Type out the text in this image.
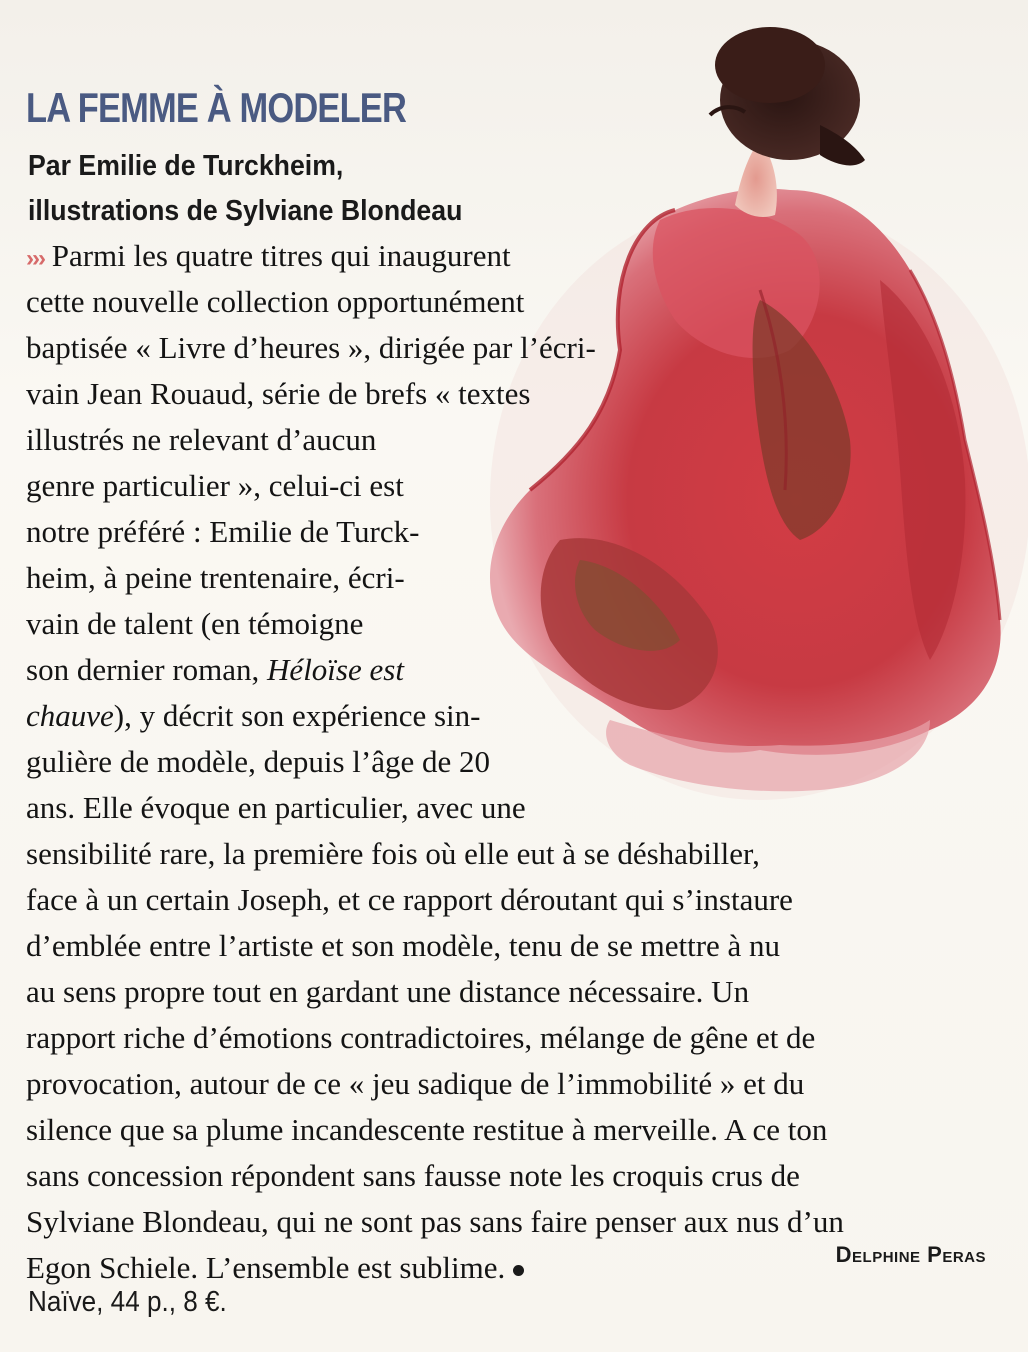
LA FEMME À MODELER
Par Emilie de Turckheim,
illustrations de Sylviane Blondeau
››› Parmi les quatre titres qui inaugurent
cette nouvelle collection opportunément
baptisée « Livre d’heures », dirigée par l’écri-
vain Jean Rouaud, série de brefs « textes
illustrés ne relevant d’aucun
genre particulier », celui-ci est
notre préféré : Emilie de Turck-
heim, à peine trentenaire, écri-
vain de talent (en témoigne
son dernier roman, Héloïse est
chauve), y décrit son expérience sin-
gulière de modèle, depuis l’âge de 20
ans. Elle évoque en particulier, avec une
sensibilité rare, la première fois où elle eut à se déshabiller,
face à un certain Joseph, et ce rapport déroutant qui s’instaure
d’emblée entre l’artiste et son modèle, tenu de se mettre à nu
au sens propre tout en gardant une distance nécessaire. Un
rapport riche d’émotions contradictoires, mélange de gêne et de
provocation, autour de ce « jeu sadique de l’immobilité » et du
silence que sa plume incandescente restitue à merveille. A ce ton
sans concession répondent sans fausse note les croquis crus de
Sylviane Blondeau, qui ne sont pas sans faire penser aux nus d’un
Egon Schiele. L’ensemble est sublime.	Delphine Peras
Naïve, 44 p., 8 €.
